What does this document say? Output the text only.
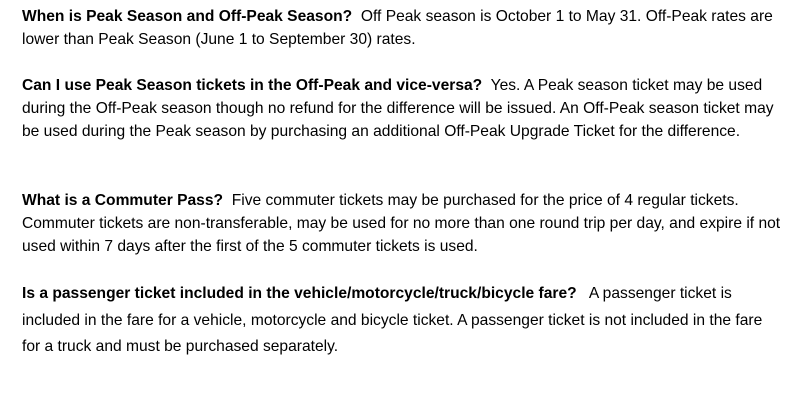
When is Peak Season and Off-Peak Season? Off Peak season is October 1 to May 31. Off-Peak rates are lower than Peak Season (June 1 to September 30) rates.

Can I use Peak Season tickets in the Off-Peak and vice-versa? Yes. A Peak season ticket may be used during the Off-Peak season though no refund for the difference will be issued. An Off-Peak season ticket may be used during the Peak season by purchasing an additional Off-Peak Upgrade Ticket for the difference.

What is a Commuter Pass? Five commuter tickets may be purchased for the price of 4 regular tickets. Commuter tickets are non-transferable, may be used for no more than one round trip per day, and expire if not used within 7 days after the first of the 5 commuter tickets is used.

Is a passenger ticket included in the vehicle/motorcycle/truck/bicycle fare? A passenger ticket is included in the fare for a vehicle, motorcycle and bicycle ticket. A passenger ticket is not included in the fare for a truck and must be purchased separately.
